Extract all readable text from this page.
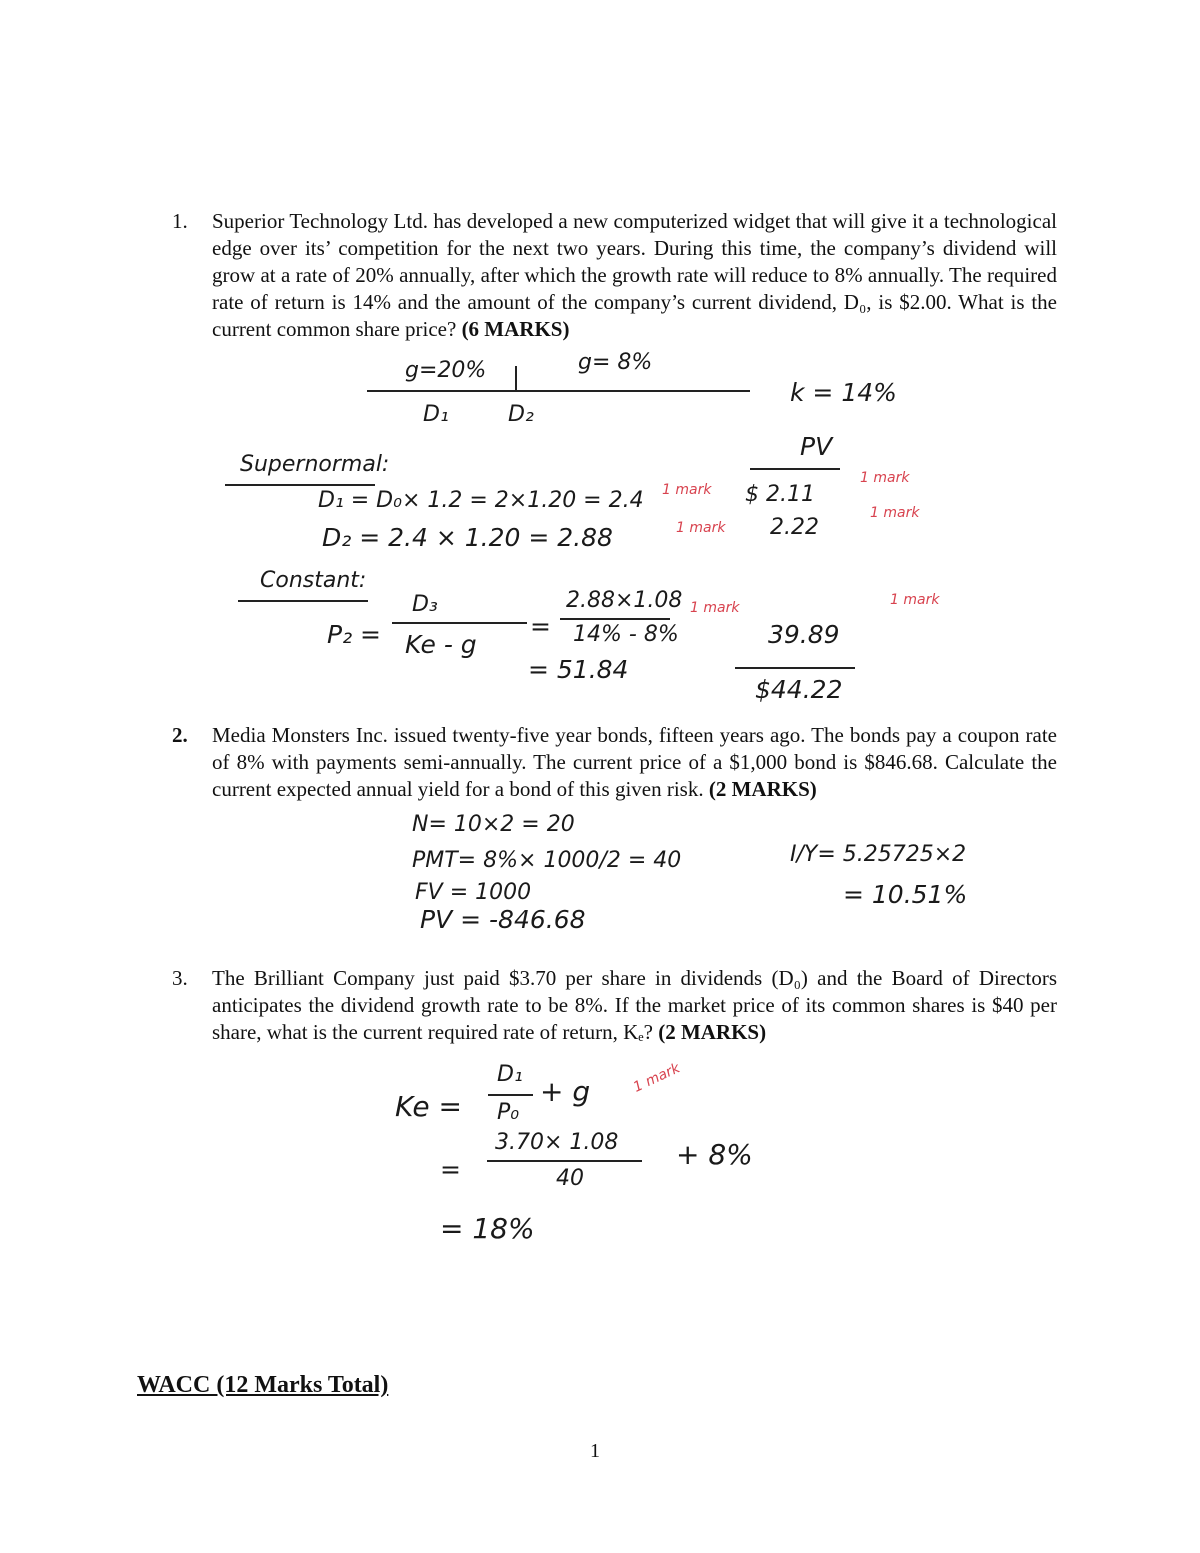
1.	Superior Technology Ltd. has developed a new computerized widget that will give it a technological edge over its’ competition for the next two years. During this time, the company’s dividend will grow at a rate of 20% annually, after which the growth rate will reduce to 8% annually. The required rate of return is 14% and the amount of the company’s current dividend, D₀, is $2.00. What is the current common share price? (6 MARKS)
g=20%	g= 8%
k = 14%
D₁	D₂
Supernormal:
D₁ = D₀× 1.2 = 2×1.20 = 2.4
D₂ = 2.4 × 1.20 = 2.88
Constant:
P₂ =
D₃
Ke - g
=
2.88×1.08
14% - 8%
= 51.84
PV
$ 2.11
2.22
39.89
$44.22
1 mark
1 mark
1 mark
1 mark
1 mark	1 mark
2.	Media Monsters Inc. issued twenty-five year bonds, fifteen years ago. The bonds pay a coupon rate of 8% with payments semi-annually. The current price of a $1,000 bond is $846.68. Calculate the current expected annual yield for a bond of this given risk. (2 MARKS)
N= 10×2 = 20
PMT= 8%× 1000/2 = 40
FV = 1000
PV = -846.68
I/Y= 5.25725×2
= 10.51%
3.	The Brilliant Company just paid $3.70 per share in dividends (D₀) and the Board of Directors anticipates the dividend growth rate to be 8%. If the market price of its common shares is $40 per share, what is the current required rate of return, Kₑ? (2 MARKS)
Ke =
D₁
P₀
+ g	1 mark
=
3.70× 1.08
40
+ 8%
= 18%
WACC (12 Marks Total)
1
